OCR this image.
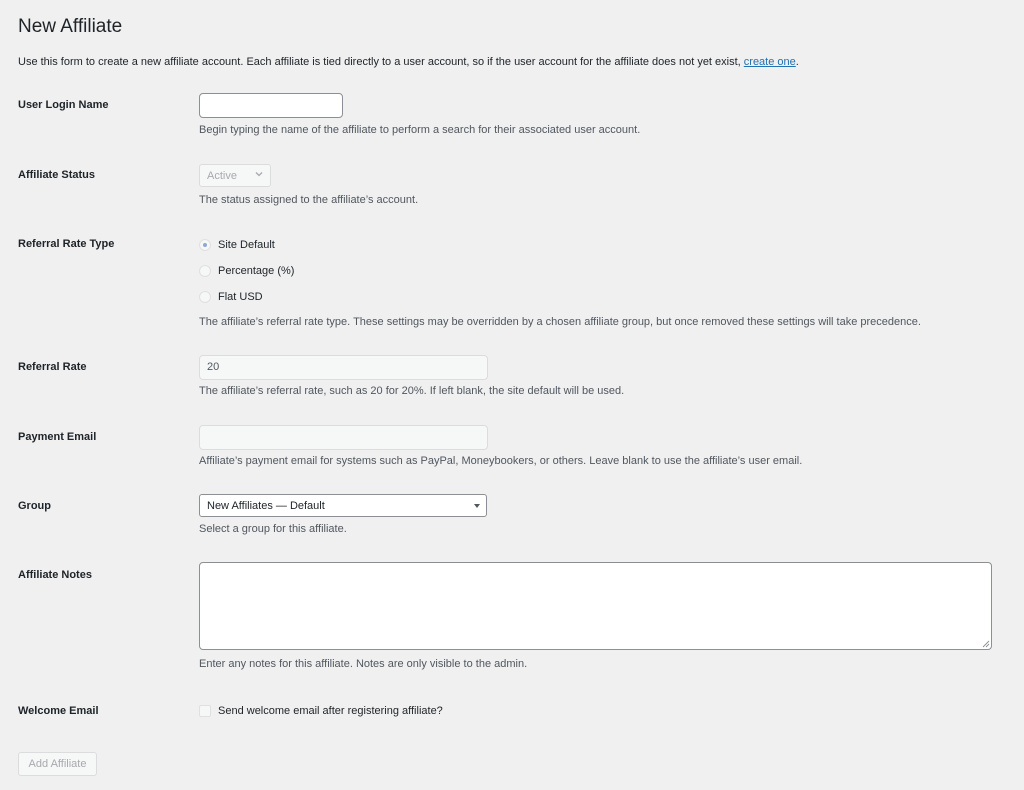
New Affiliate

Use this form to create a new affiliate account. Each affiliate is tied directly to a user account, so if the user account for the affiliate does not yet exist, create one.

User Login Name
Begin typing the name of the affiliate to perform a search for their associated user account.
Affiliate Status	Active
The status assigned to the affiliate’s account.
Referral Rate Type	Site Default
Percentage (%)
Flat USD
The affiliate’s referral rate type. These settings may be overridden by a chosen affiliate group, but once removed these settings will take precedence.
Referral Rate	20
The affiliate’s referral rate, such as 20 for 20%. If left blank, the site default will be used.
Payment Email
Affiliate’s payment email for systems such as PayPal, Moneybookers, or others. Leave blank to use the affiliate’s user email.
Group	New Affiliates — Default
Select a group for this affiliate.
Affiliate Notes
Enter any notes for this affiliate. Notes are only visible to the admin.
Welcome Email	Send welcome email after registering affiliate?
Add Affiliate
